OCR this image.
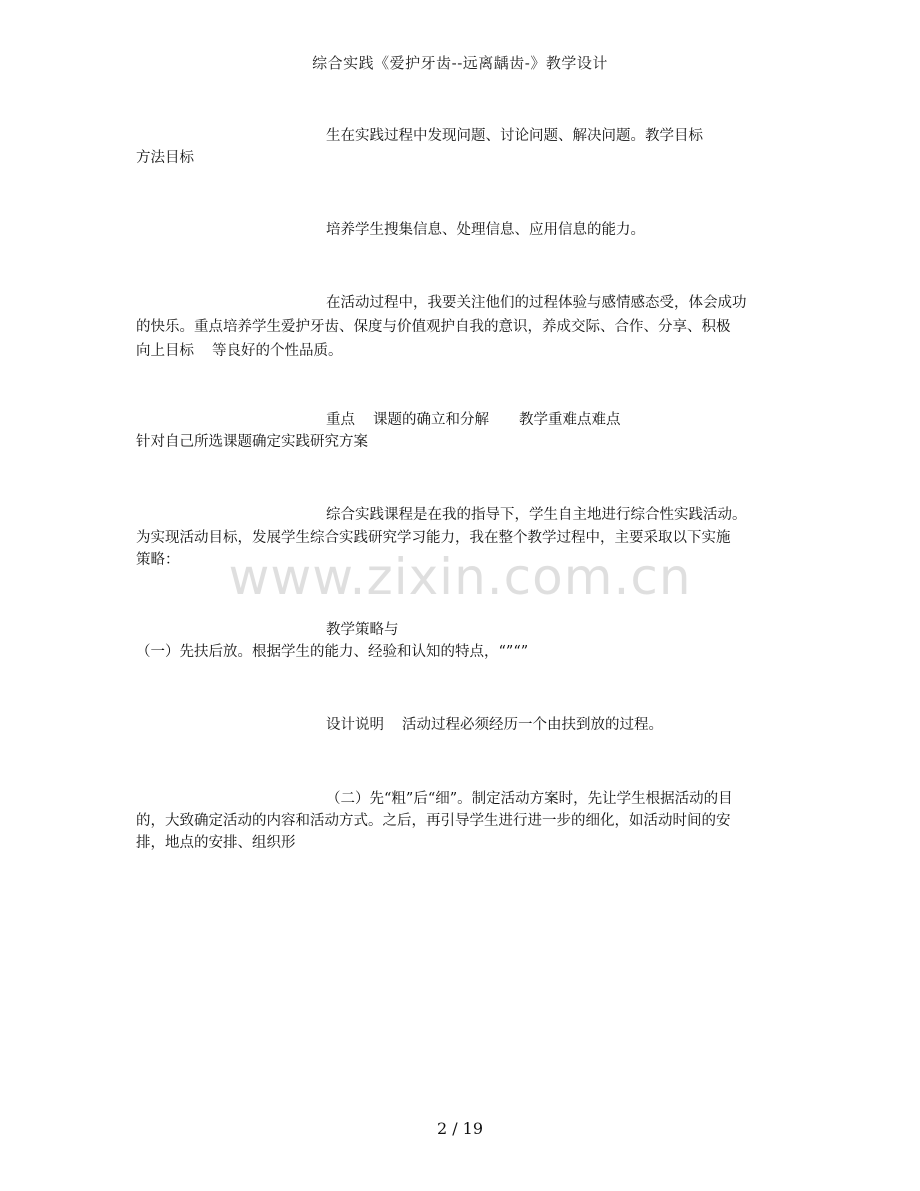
综合实践《爱护牙齿--远离龋齿-》教学设计
生在实践过程中发现问题、讨论问题、解决问题。教学目标
方法目标
培养学生搜集信息、处理信息、应用信息的能力。
在活动过程中，我要关注他们的过程体验与感情感态受，体会成功
的快乐。重点培养学生爱护牙齿、保度与价值观护自我的意识，养成交际、合作、分享、积极
向上目标 等良好的个性品质。
重点 课题的确立和分解 教学重难点难点
针对自己所选课题确定实践研究方案
综合实践课程是在我的指导下，学生自主地进行综合性实践活动。
为实现活动目标，发展学生综合实践研究学习能力，我在整个教学过程中，主要采取以下实施
策略： www.zixin.com.cn
教学策略与
（一）先扶后放。根据学生的能力、经验和认知的特点，“”“”
设计说明 活动过程必须经历一个由扶到放的过程。
（二）先“粗”后“细”。制定活动方案时，先让学生根据活动的目
的，大致确定活动的内容和活动方式。之后，再引导学生进行进一步的细化，如活动时间的安
排，地点的安排、组织形
2 / 19
